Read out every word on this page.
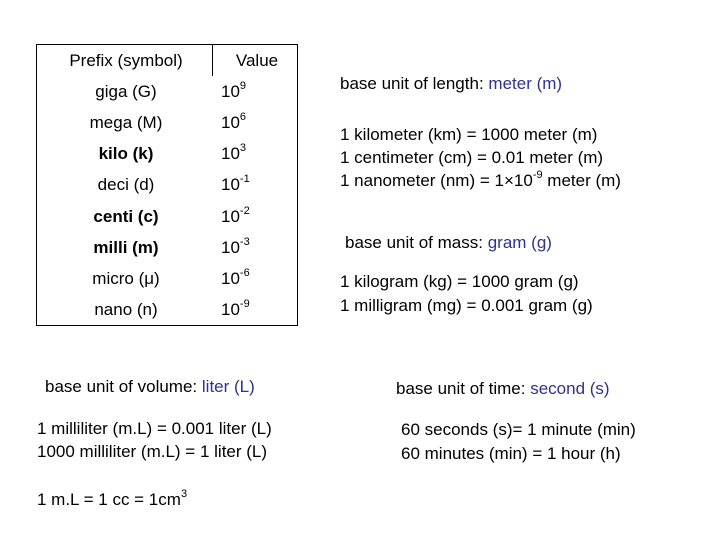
Prefix (symbol)	Value
giga (G)	$10^9$
mega (M)	$10^6$
kilo (k)	$10^3$
deci (d)	$10^{-1}$
centi (c)	$10^{-2}$
milli (m)	$10^{-3}$
micro (μ)	$10^{-6}$
nano (n)	$10^{-9}$
base unit of length: meter (m)
1 kilometer (km) = 1000 meter (m)
1 centimeter (cm) = 0.01 meter (m)
1 nanometer $(nm) = 1\times 10^{-9}$ meter (m)
base unit of mass: gram (g)
1 kilogram (kg) = 1000 gram (g)
1 milligram (mg) = 0.001 gram (g)
base unit of volume: liter (L)
1 milliliter (m.L) = 0.001 liter (L)
1000 milliliter (m.L) = 1 liter (L)
1 m.L = 1 cc = $1cm^3$
base unit of time: second (s)
60 seconds (s)= 1 minute (min)
60 minutes (min) = 1 hour (h)
